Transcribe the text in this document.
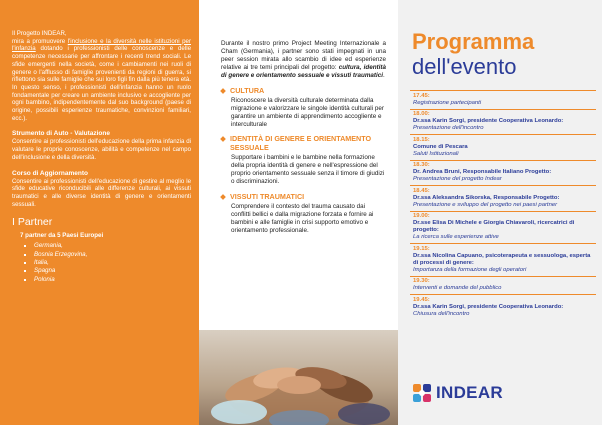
Il Progetto INDEAR,
mira a promuovere l'inclusione e la diversità nelle istituzioni per l'infanzia dotando i professionisti delle conoscenze e delle competenze necessarie per affrontare i recenti trend sociali. Le sfide emergenti nella società, come i cambiamenti nei ruoli di genere o l'afflusso di famiglie provenienti da regioni di guerra, si riflettono sia sulle famiglie che sui loro figli fin dalla più tenera età. In questo senso, i professionisti dell'infanzia hanno un ruolo fondamentale per creare un ambiente inclusivo e accogliente per ogni bambino, indipendentemente dal suo background (paese di origine, possibili esperienze traumatiche, convinzioni familiari, ecc.).

Strumento di Auto - Valutazione

Consentire ai professionisti dell'educazione della prima infanzia di valutare le proprie conoscenze, abilità e competenze nel campo dell'inclusione e della diversità.

Corso di Aggiornamento

Consentire ai professionisti dell'educazione di gestire al meglio le sfide educative riconducibili alle differenze culturali, ai vissuti traumatici e alle diverse identità di genere e orientamenti sessuali.

I Partner
7 partner da 5 Paesi Europei
▪ Germania,
▪ Bosnia Erzegovina,
▪ Italia,
▪ Spagna
▪ Polonia

Durante il nostro primo Project Meeting Internazionale a Cham (Germania), i partner sono stati impegnati in una peer session mirata allo scambio di idee ed esperienze relative ai tre temi principali del progetto: cultura, identità di genere e orientamento sessuale e vissuti traumatici.

CULTURA
Riconoscere la diversità culturale determinata dalla migrazione e valorizzare le singole identità culturali per garantire un ambiente di apprendimento accogliente e interculturale
IDENTITÀ DI GENERE E ORIENTAMENTO SESSUALE
Supportare i bambini e le bambine nella formazione della propria identità di genere e nell'espressione del proprio orientamento sessuale senza il timore di giudizi o discriminazioni.
VISSUTI TRAUMATICI
Comprendere il contesto del trauma causato dai conflitti bellici e dalla migrazione forzata e fornire ai bambini e alle famiglie in crisi supporto emotivo e orientamento professionale.
Programma
dell'evento
17.45:
Registrazione partecipanti
18.00:
Dr.ssa Karin Sorgi, presidente Cooperativa Leonardo:
Presentazione dell'incontro
18.15:
Comune di Pescara
Saluti Istituzionali
18.30:
Dr. Andrea Bruni, Responsabile Italiano Progetto:
Presentazione del progetto Indear
18.45:
Dr.ssa Aleksandra Sikorska, Responsabile Progetto:
Presentazione e sviluppo del progetto nei paesi partner
19.00:
Dr.sse Elisa Di Michele e Giorgia Chiavaroli, ricercatrici di progetto:
La ricerca sulle esperienze attive
19.15:
Dr.ssa Nicolina Capuano, psicoterapeuta e sessuologa, esperta di processi di genere:
Importanza della formazione degli operatori
19.30:
Interventi e domande del pubblico
19.45:
Dr.ssa Karin Sorgi, presidente Cooperativa Leonardo:
Chiusura dell'incontro
INDEAR
